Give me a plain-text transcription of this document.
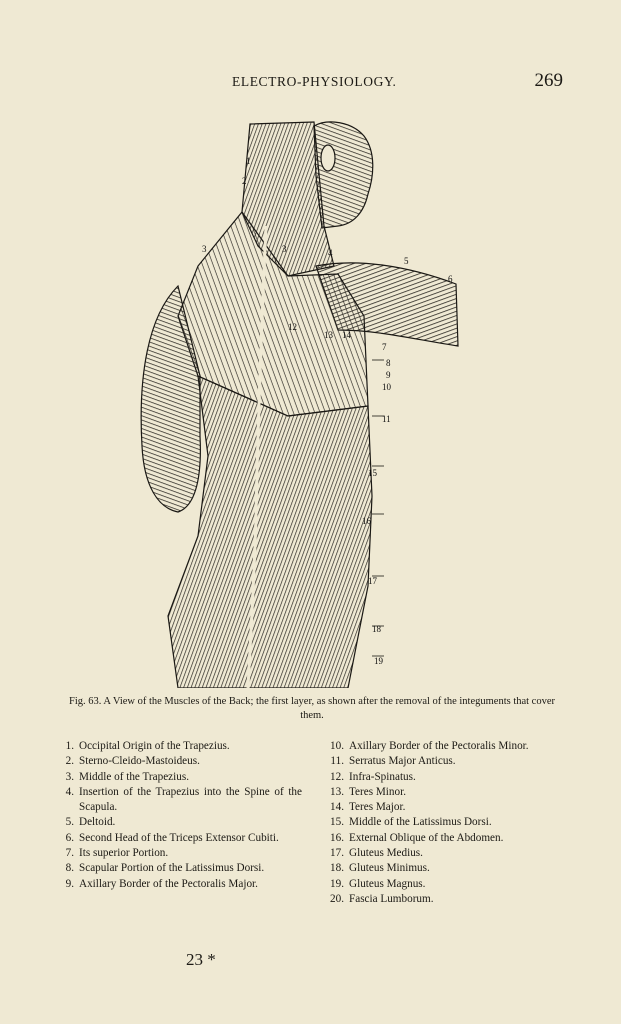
ELECTRO-PHYSIOLOGY.	269
1
2
3	3	4
5
6
7
8
9
10
11
12
13 14
15
16
17
18
19
Fig. 63. A View of the Muscles of the Back; the first layer, as shown after the removal of the integuments that cover them.
1. Occipital Origin of the Trapezius.
2. Sterno-Cleido-Mastoideus.
3. Middle of the Trapezius.
4. Insertion of the Trapezius into the Spine of the Scapula.
5. Deltoid.
6. Second Head of the Triceps Extensor Cubiti.
7. Its superior Portion.
8. Scapular Portion of the Latissimus Dorsi.
9. Axillary Border of the Pectoralis Major.
10. Axillary Border of the Pectoralis Minor.
11. Serratus Major Anticus.
12. Infra-Spinatus.
13. Teres Minor.
14. Teres Major.
15. Middle of the Latissimus Dorsi.
16. External Oblique of the Abdomen.
17. Gluteus Medius.
18. Gluteus Minimus.
19. Gluteus Magnus.
20. Fascia Lumborum.
23 *
